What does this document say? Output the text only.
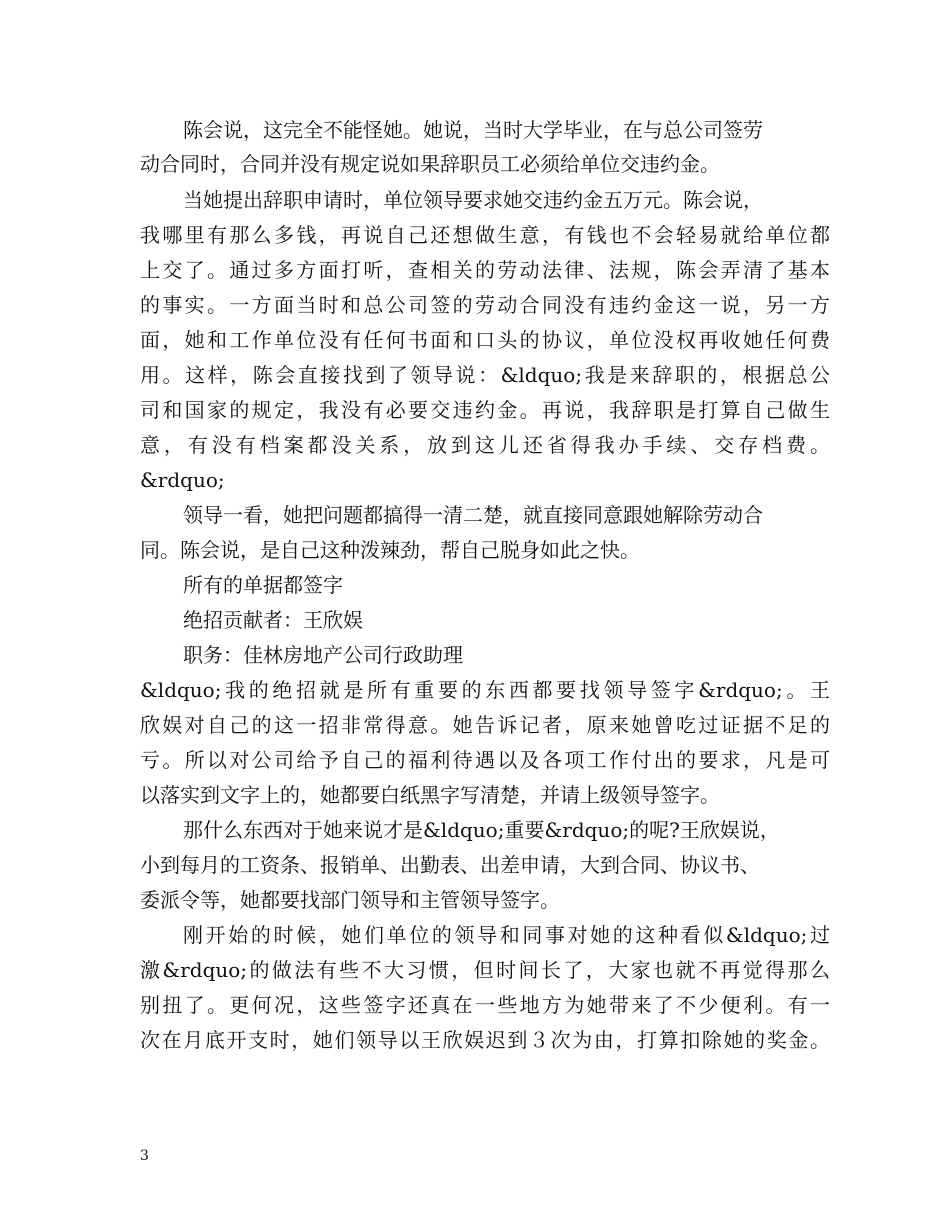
陈会说，这完全不能怪她。她说，当时大学毕业，在与总公司签劳

动合同时，合同并没有规定说如果辞职员工必须给单位交违约金。

当她提出辞职申请时，单位领导要求她交违约金五万元。陈会说，

我哪里有那么多钱，再说自己还想做生意，有钱也不会轻易就给单位都

上交了。通过多方面打听，查相关的劳动法律、法规，陈会弄清了基本

的事实。一方面当时和总公司签的劳动合同没有违约金这一说，另一方

面，她和工作单位没有任何书面和口头的协议，单位没权再收她任何费

用。这样，陈会直接找到了领导说：&ldquo;我是来辞职的，根据总公

司和国家的规定，我没有必要交违约金。再说，我辞职是打算自己做生

意，有没有档案都没关系，放到这儿还省得我办手续、交存档费。

&rdquo;

领导一看，她把问题都搞得一清二楚，就直接同意跟她解除劳动合

同。陈会说，是自己这种泼辣劲，帮自己脱身如此之快。

所有的单据都签字

绝招贡献者：王欣娱

职务：佳林房地产公司行政助理

&ldquo;我的绝招就是所有重要的东西都要找领导签字&rdquo;。王

欣娱对自己的这一招非常得意。她告诉记者，原来她曾吃过证据不足的

亏。所以对公司给予自己的福利待遇以及各项工作付出的要求，凡是可

以落实到文字上的，她都要白纸黑字写清楚，并请上级领导签字。

那什么东西对于她来说才是&ldquo;重要&rdquo;的呢?王欣娱说，

小到每月的工资条、报销单、出勤表、出差申请，大到合同、协议书、

委派令等，她都要找部门领导和主管领导签字。

刚开始的时候，她们单位的领导和同事对她的这种看似&ldquo;过

激&rdquo;的做法有些不大习惯，但时间长了，大家也就不再觉得那么

别扭了。更何况，这些签字还真在一些地方为她带来了不少便利。有一

次在月底开支时，她们领导以王欣娱迟到３次为由，打算扣除她的奖金。

3
